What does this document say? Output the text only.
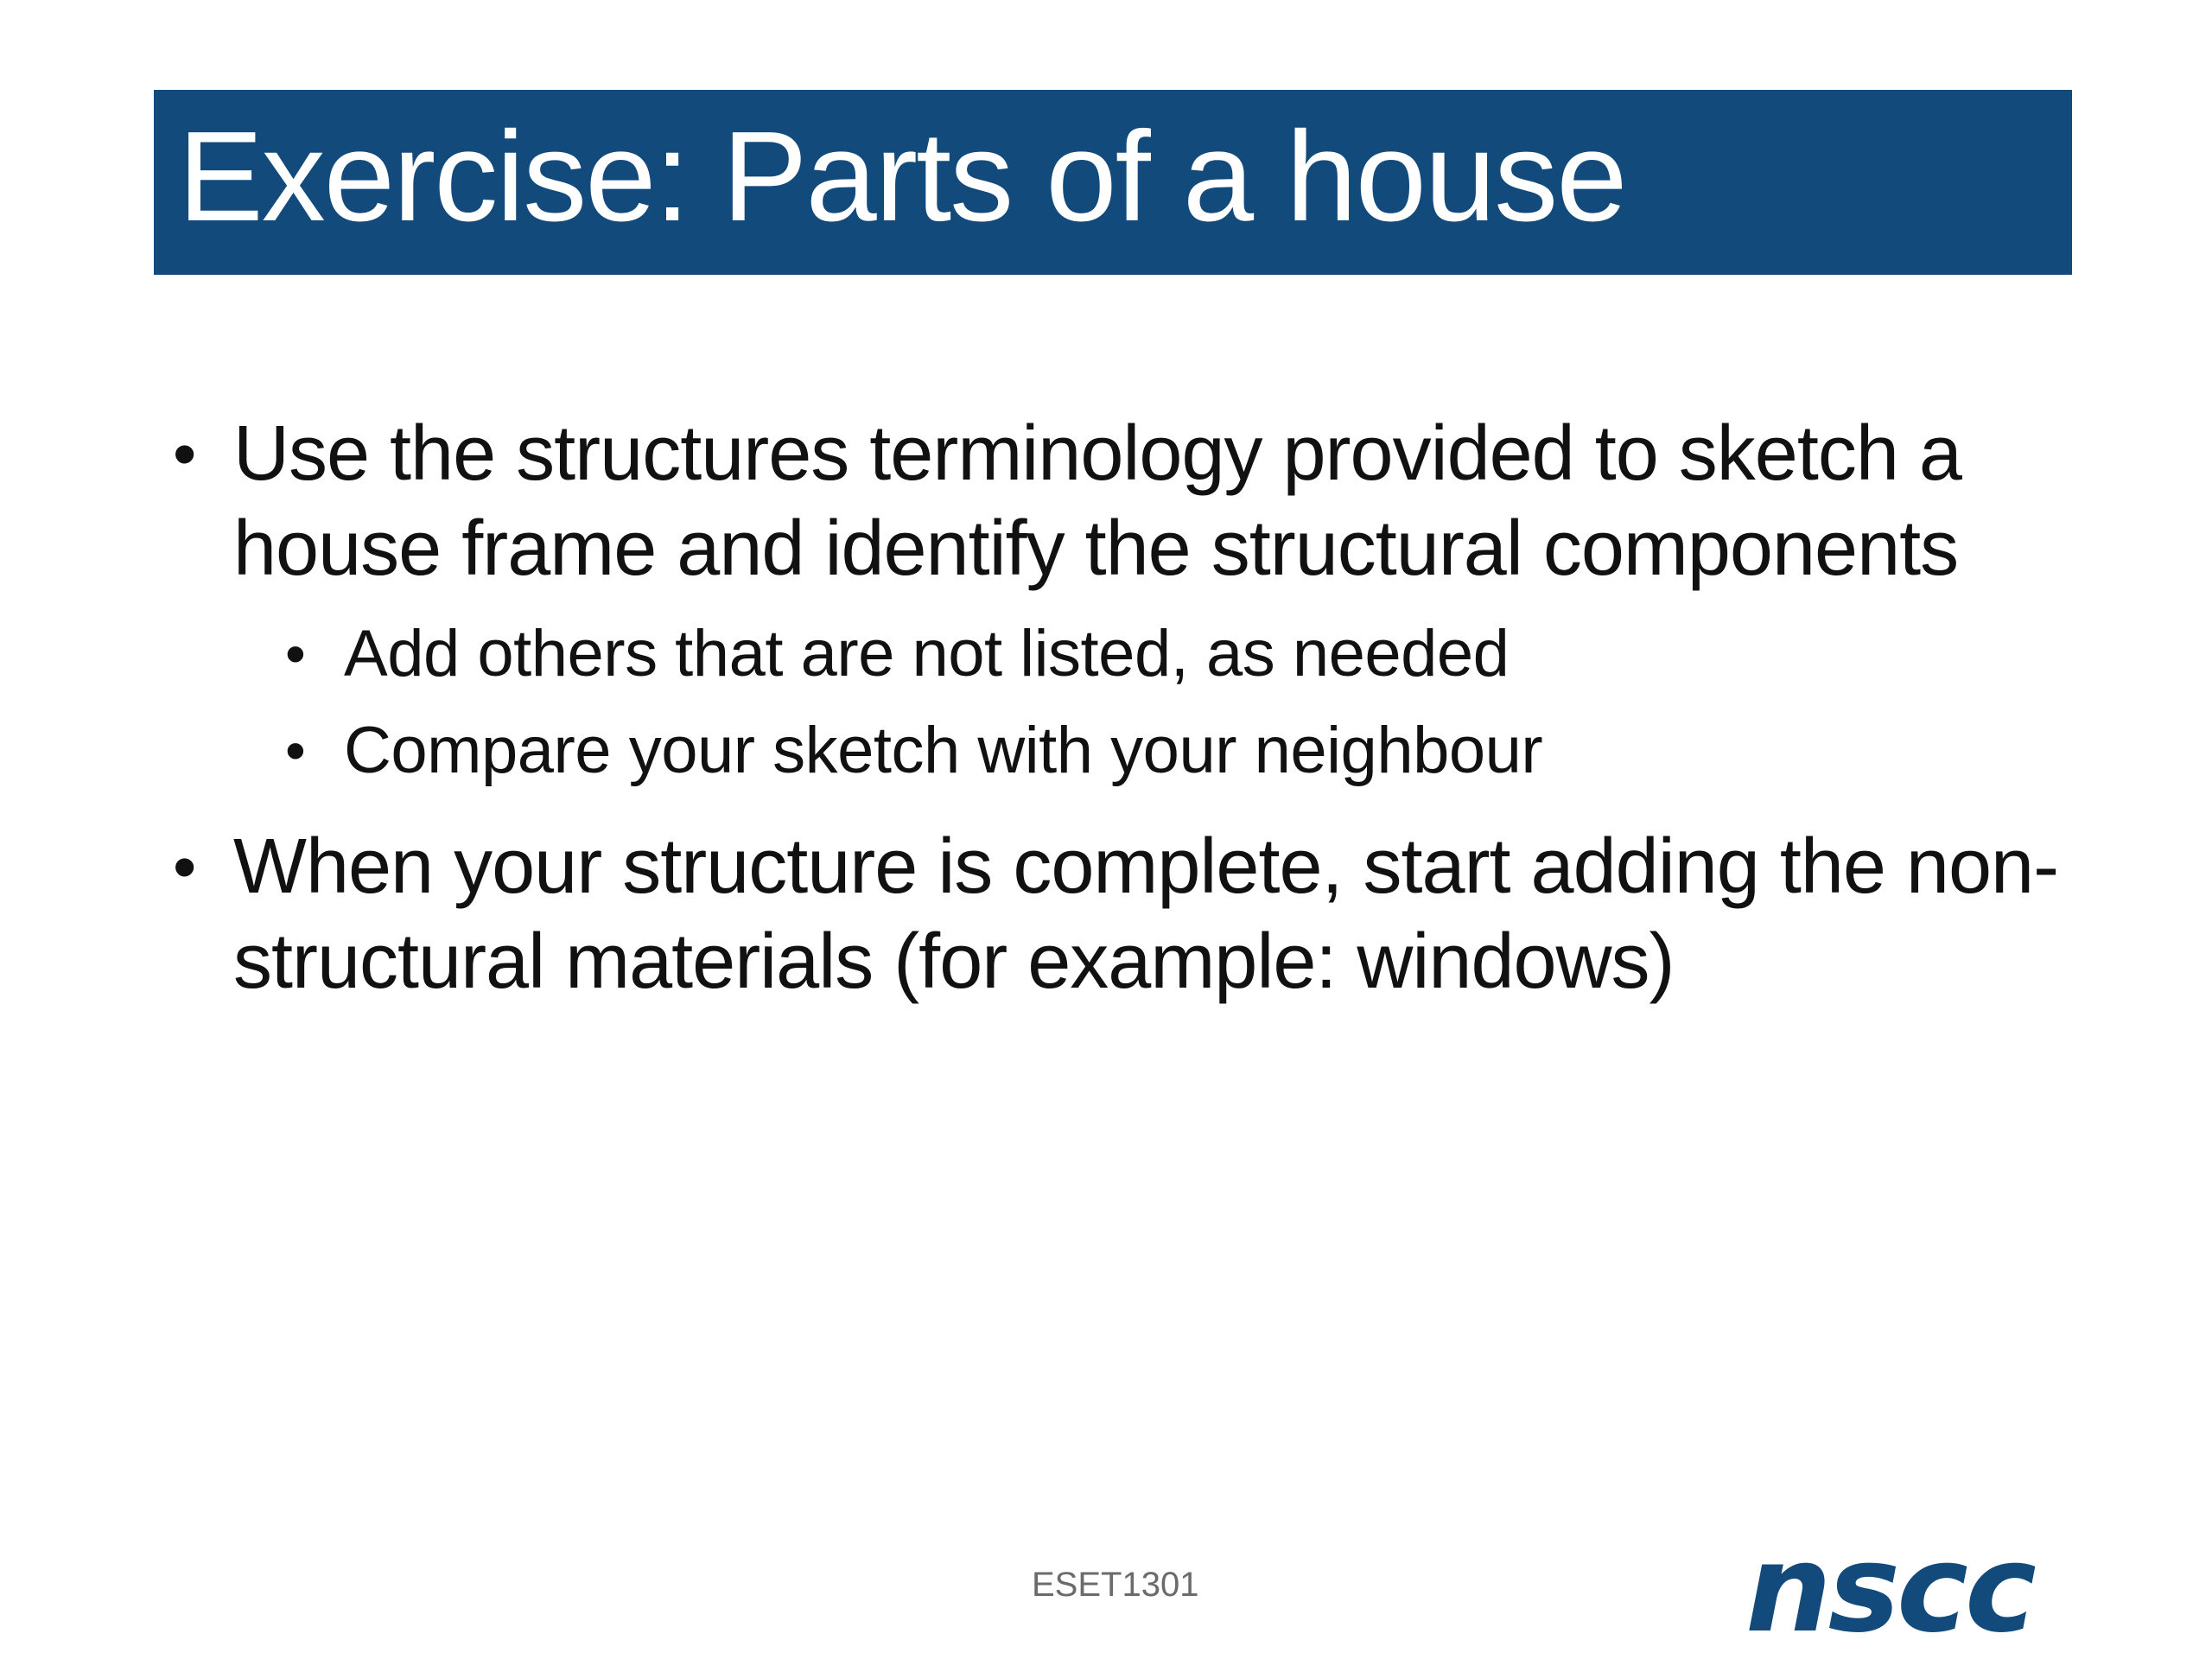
Exercise: Parts of a house
• Use the structures terminology provided to sketch a house frame and identify the structural components
• Add others that are not listed, as needed
• Compare your sketch with your neighbour
• When your structure is complete, start adding the non-structural materials (for example: windows)
ESET1301	nscc
